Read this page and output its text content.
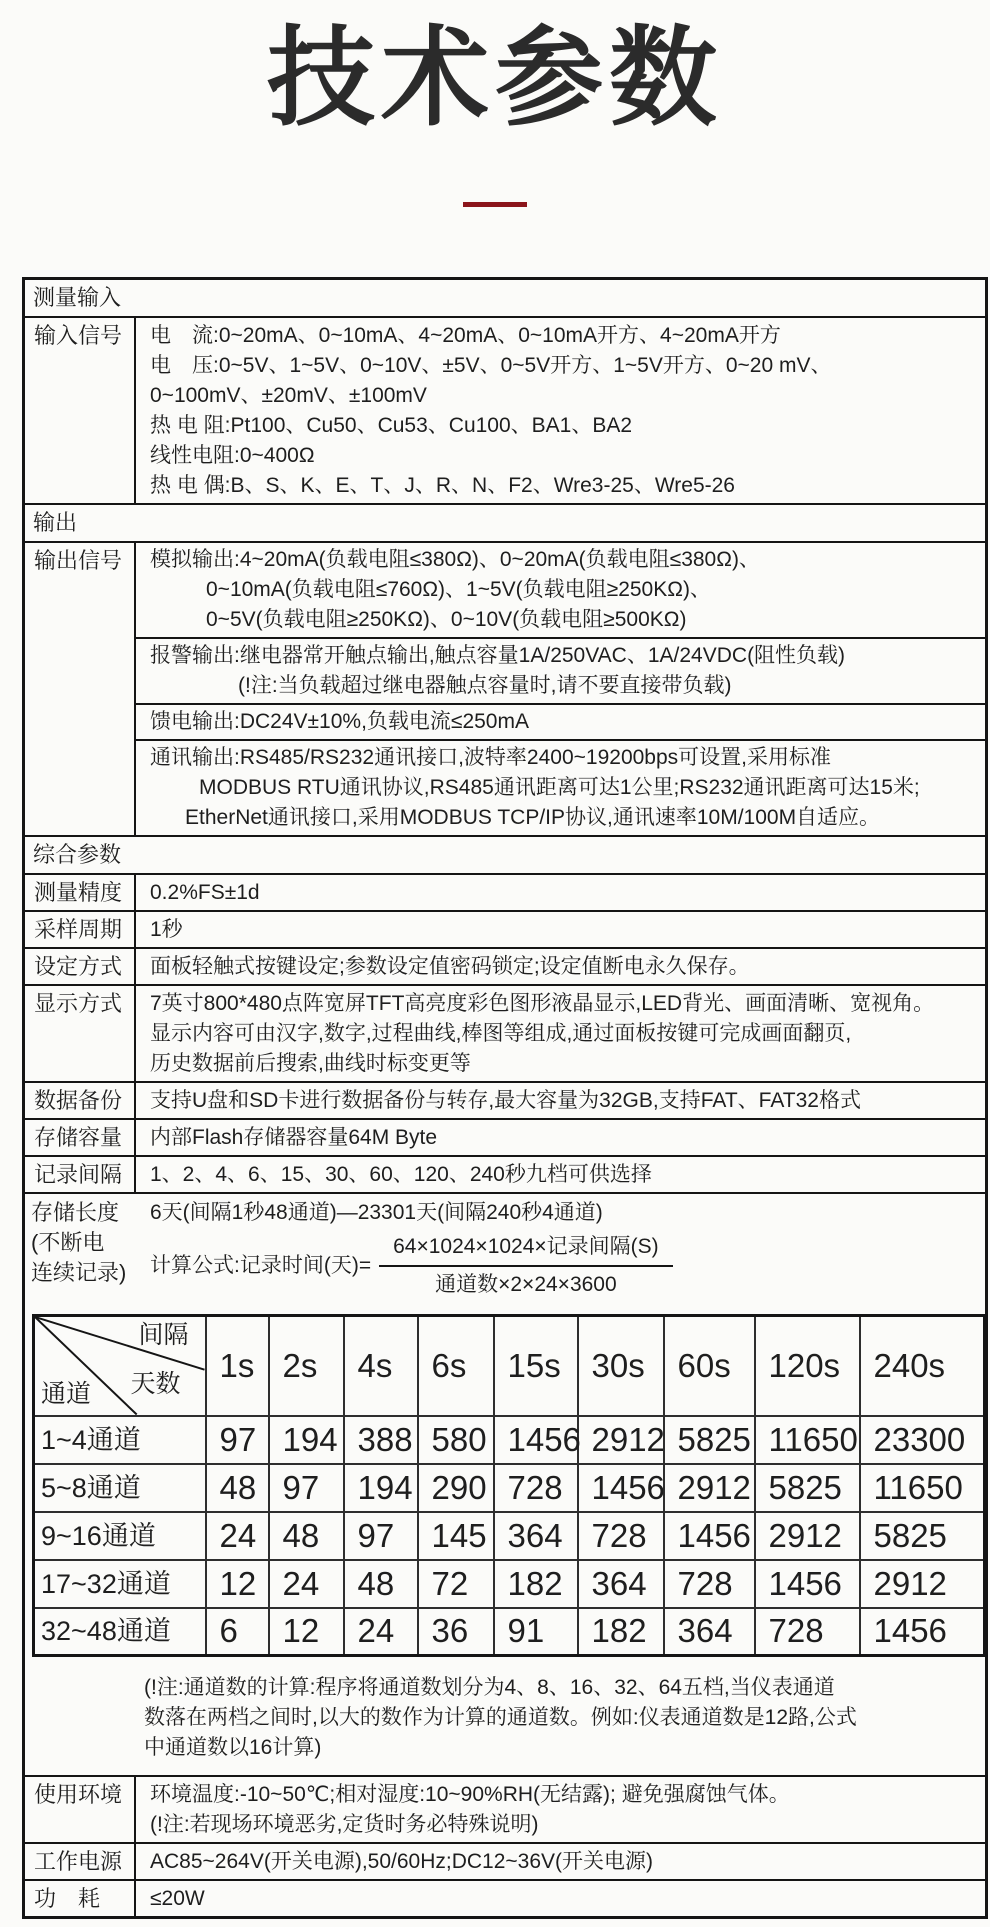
技术参数
测量输入
输入信号	电　流:0~20mA、0~10mA、4~20mA、0~10mA开方、4~20mA开方
电　压:0~5V、1~5V、0~10V、±5V、0~5V开方、1~5V开方、0~20 mV、
0~100mV、±20mV、±100mV
热 电 阻:Pt100、Cu50、Cu53、Cu100、BA1、BA2
线性电阻:0~400Ω
热 电 偶:B、S、K、E、T、J、R、N、F2、Wre3-25、Wre5-26
输出
输出信号	模拟输出:4~20mA(负载电阻≤380Ω)、0~20mA(负载电阻≤380Ω)、
0~10mA(负载电阻≤760Ω)、1~5V(负载电阻≥250KΩ)、
0~5V(负载电阻≥250KΩ)、0~10V(负载电阻≥500KΩ)
报警输出:继电器常开触点输出,触点容量1A/250VAC、1A/24VDC(阻性负载)
(!注:当负载超过继电器触点容量时,请不要直接带负载)
馈电输出:DC24V±10%,负载电流≤250mA
通讯输出:RS485/RS232通讯接口,波特率2400~19200bps可设置,采用标准
MODBUS RTU通讯协议,RS485通讯距离可达1公里;RS232通讯距离可达15米;
EtherNet通讯接口,采用MODBUS TCP/IP协议,通讯速率10M/100M自适应。
综合参数
测量精度	0.2%FS±1d
采样周期	1秒
设定方式	面板轻触式按键设定;参数设定值密码锁定;设定值断电永久保存。
显示方式	7英寸800*480点阵宽屏TFT高亮度彩色图形液晶显示,LED背光、画面清晰、宽视角。
显示内容可由汉字,数字,过程曲线,棒图等组成,通过面板按键可完成画面翻页,
历史数据前后搜索,曲线时标变更等
数据备份	支持U盘和SD卡进行数据备份与转存,最大容量为32GB,支持FAT、FAT32格式
存储容量	内部Flash存储器容量64M Byte
记录间隔	1、2、4、6、15、30、60、120、240秒九档可供选择
存储长度
(不断电
连续记录)
6天(间隔1秒48通道)—23301天(间隔240秒4通道)
计算公式:记录时间(天)= $\frac{\text{64×1024×1024×记录间隔(S)}}{\text{通道数×2×24×3600}}$
间隔
天数
通道	1s	2s	4s	6s	15s	30s	60s	120s	240s
1~4通道	97	194	388	580	1456	2912	5825	11650	23300
5~8通道	48	97	194	290	728	1456	2912	5825	11650
9~16通道	24	48	97	145	364	728	1456	2912	5825
17~32通道	12	24	48	72	182	364	728	1456	2912
32~48通道	6	12	24	36	91	182	364	728	1456
(!注:通道数的计算:程序将通道数划分为4、8、16、32、64五档,当仪表通道
数落在两档之间时,以大的数作为计算的通道数。例如:仪表通道数是12路,公式
中通道数以16计算)
使用环境	环境温度:-10~50℃;相对湿度:10~90%RH(无结露); 避免强腐蚀气体。
(!注:若现场环境恶劣,定货时务必特殊说明)
工作电源	AC85~264V(开关电源),50/60Hz;DC12~36V(开关电源)
功　耗	≤20W
